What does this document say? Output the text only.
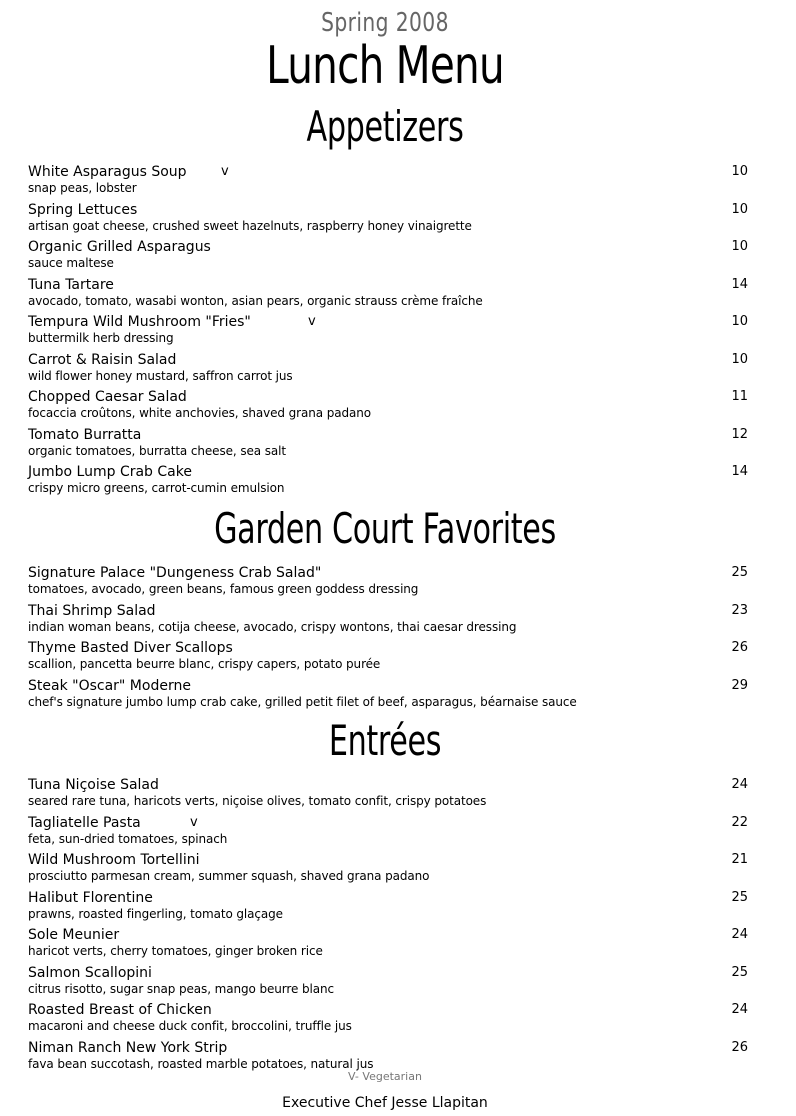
Spring 2008
Lunch Menu
Appetizers
White Asparagus Soup	v
snap peas, lobster
10
Spring Lettuces
artisan goat cheese, crushed sweet hazelnuts, raspberry honey vinaigrette
10
Organic Grilled Asparagus
sauce maltese
10
Tuna Tartare
avocado, tomato, wasabi wonton, asian pears, organic strauss crème fraîche
14
Tempura Wild Mushroom "Fries"	v
buttermilk herb dressing
10
Carrot & Raisin Salad
wild flower honey mustard, saffron carrot jus
10
Chopped Caesar Salad
focaccia croûtons, white anchovies, shaved grana padano
11
Tomato Burratta
organic tomatoes, burratta cheese, sea salt
12
Jumbo Lump Crab Cake
crispy micro greens, carrot-cumin emulsion
14
Garden Court Favorites
Signature Palace "Dungeness Crab Salad"
tomatoes, avocado, green beans, famous green goddess dressing
25
Thai Shrimp Salad
indian woman beans, cotija cheese, avocado, crispy wontons, thai caesar dressing
23
Thyme Basted Diver Scallops
scallion, pancetta beurre blanc, crispy capers, potato purée
26
Steak "Oscar" Moderne
chef's signature jumbo lump crab cake, grilled petit filet of beef, asparagus, béarnaise sauce
29
Entrées
Tuna Niçoise Salad
seared rare tuna, haricots verts, niçoise olives, tomato confit, crispy potatoes
24
Tagliatelle Pasta	v
feta, sun-dried tomatoes, spinach
22
Wild Mushroom Tortellini
prosciutto parmesan cream, summer squash, shaved grana padano
21
Halibut Florentine
prawns, roasted fingerling, tomato glaçage
25
Sole Meunier
haricot verts, cherry tomatoes, ginger broken rice
24
Salmon Scallopini
citrus risotto, sugar snap peas, mango beurre blanc
25
Roasted Breast of Chicken
macaroni and cheese duck confit, broccolini, truffle jus
24
Niman Ranch New York Strip
fava bean succotash, roasted marble potatoes, natural jus
26
V- Vegetarian
Executive Chef Jesse Llapitan
